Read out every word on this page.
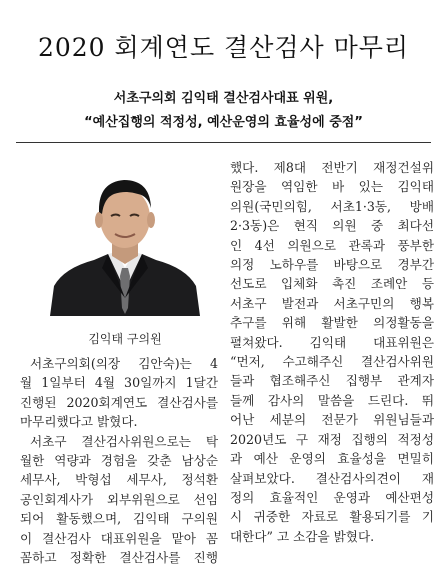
2020 회계연도 결산검사 마무리
서초구의회 김익태 결산검사대표 위원,
“예산집행의 적정성, 예산운영의 효율성에 중점”
김익태 구의원
서초구의회(의장 김안숙)는 4
월 1일부터 4월 30일까지 1달간
진행된 2020회계연도 결산검사를
마무리했다고 밝혔다.
서초구 결산검사위원으로는 탁
월한 역량과 경험을 갖춘 남상순
세무사, 박형섭 세무사, 정석환
공인회계사가 외부위원으로 선임
되어 활동했으며, 김익태 구의원
이 결산검사 대표위원을 맡아 꼼
꼼하고 정확한 결산검사를 진행
했다. 제8대 전반기 재정건설위
원장을 역임한 바 있는 김익태
의원(국민의힘, 서초1·3동, 방배
2·3동)은 현직 의원 중 최다선
인 4선 의원으로 관록과 풍부한
의정 노하우를 바탕으로 경부간
선도로 입체화 촉진 조례안 등
서초구 발전과 서초구민의 행복
추구를 위해 활발한 의정활동을
펼쳐왔다. 김익태 대표위원은
“먼저, 수고해주신 결산검사위원
들과 협조해주신 집행부 관계자
들께 감사의 말씀을 드린다. 뛰
어난 세분의 전문가 위원님들과
2020년도 구 재정 집행의 적정성
과 예산 운영의 효율성을 면밀히
살펴보았다. 결산검사의견이 재
정의 효율적인 운영과 예산편성
시 귀중한 자료로 활용되기를 기
대한다” 고 소감을 밝혔다.
